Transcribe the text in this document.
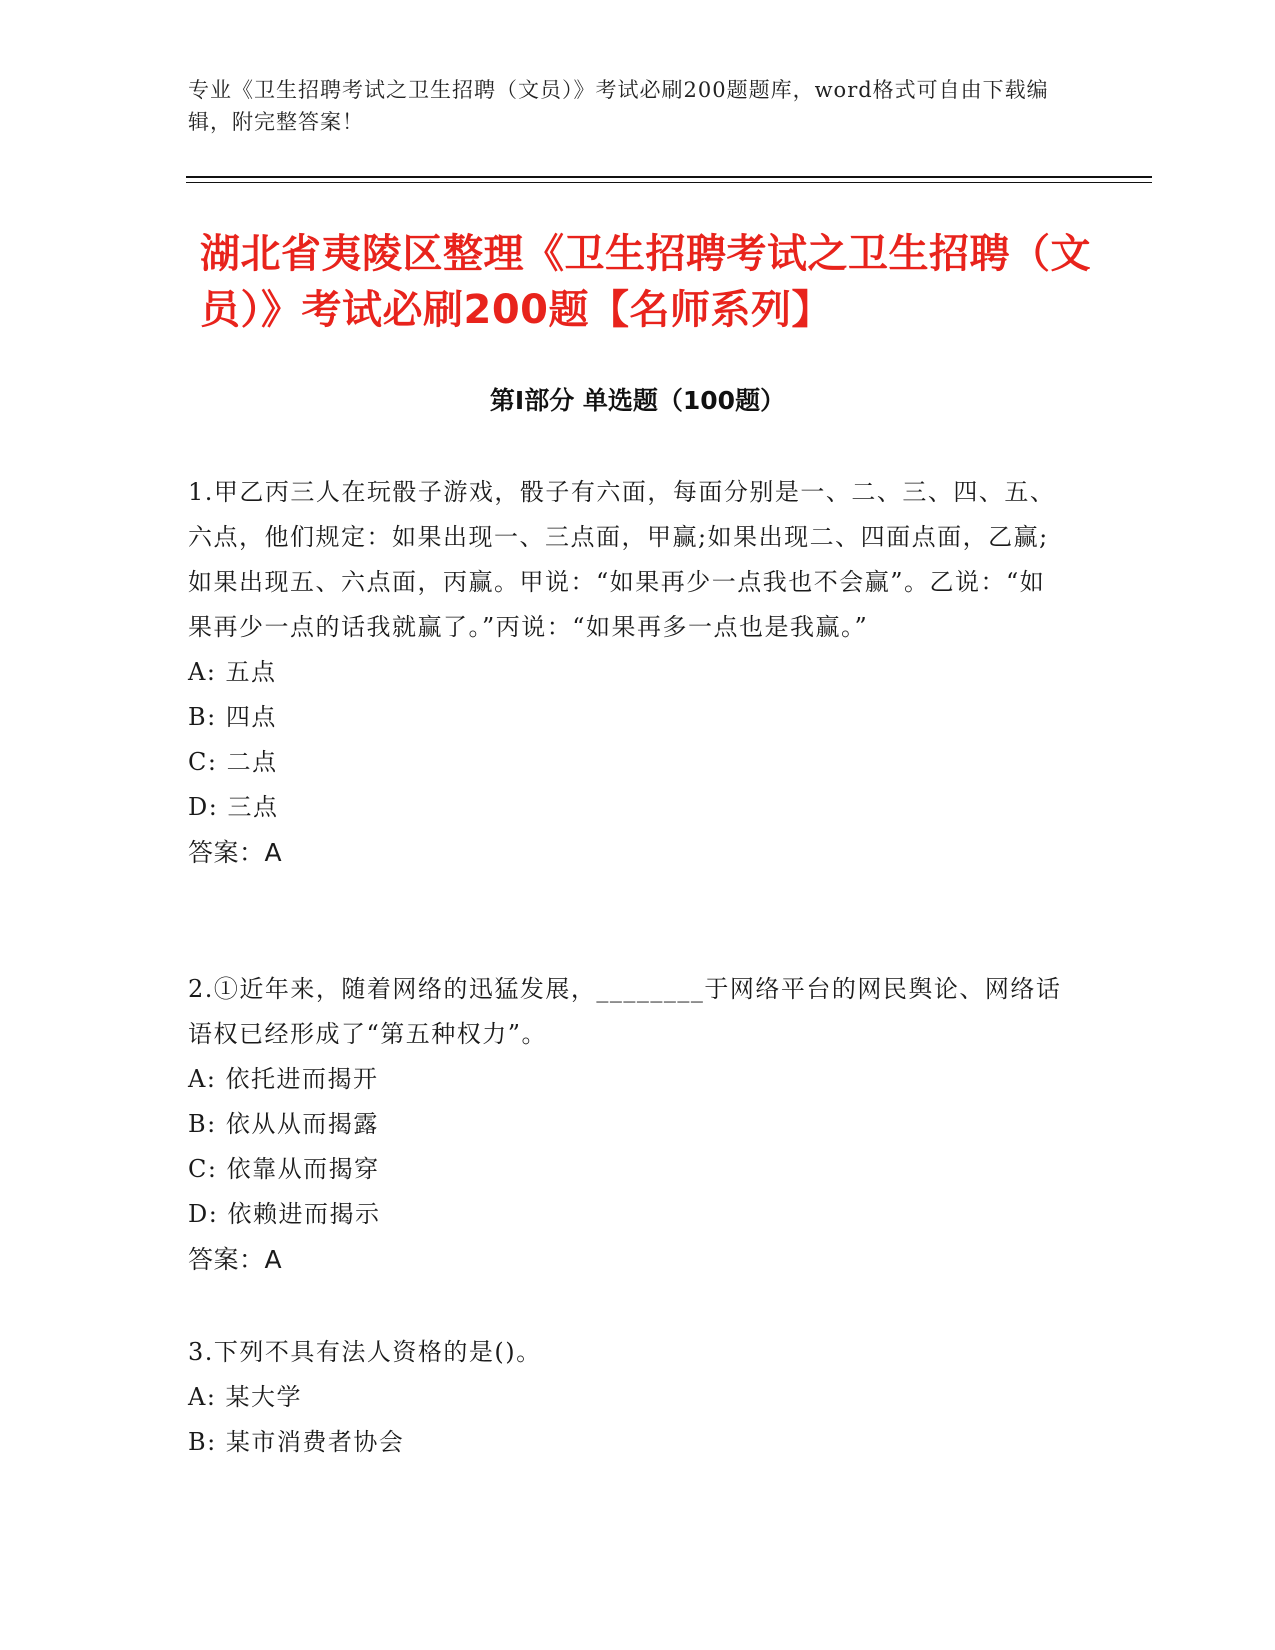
专业《卫生招聘考试之卫生招聘（文员）》考试必刷200题题库，word格式可自由下载编辑，附完整答案！
湖北省夷陵区整理《卫生招聘考试之卫生招聘（文员）》考试必刷200题【名师系列】
第I部分 单选题（100题）

1.甲乙丙三人在玩骰子游戏，骰子有六面，每面分别是一、二、三、四、五、六点，他们规定：如果出现一、三点面，甲赢;如果出现二、四面点面，乙赢;如果出现五、六点面，丙赢。甲说：“如果再少一点我也不会赢”。乙说：“如果再少一点的话我就赢了。”丙说：“如果再多一点也是我赢。”

A: 五点

B: 四点

C: 二点

D: 三点

答案：A

2.①近年来，随着网络的迅猛发展，________于网络平台的网民舆论、网络话语权已经形成了“第五种权力”。

A: 依托进而揭开

B: 依从从而揭露

C: 依靠从而揭穿

D: 依赖进而揭示

答案：A

3.下列不具有法人资格的是()。

A: 某大学

B: 某市消费者协会
